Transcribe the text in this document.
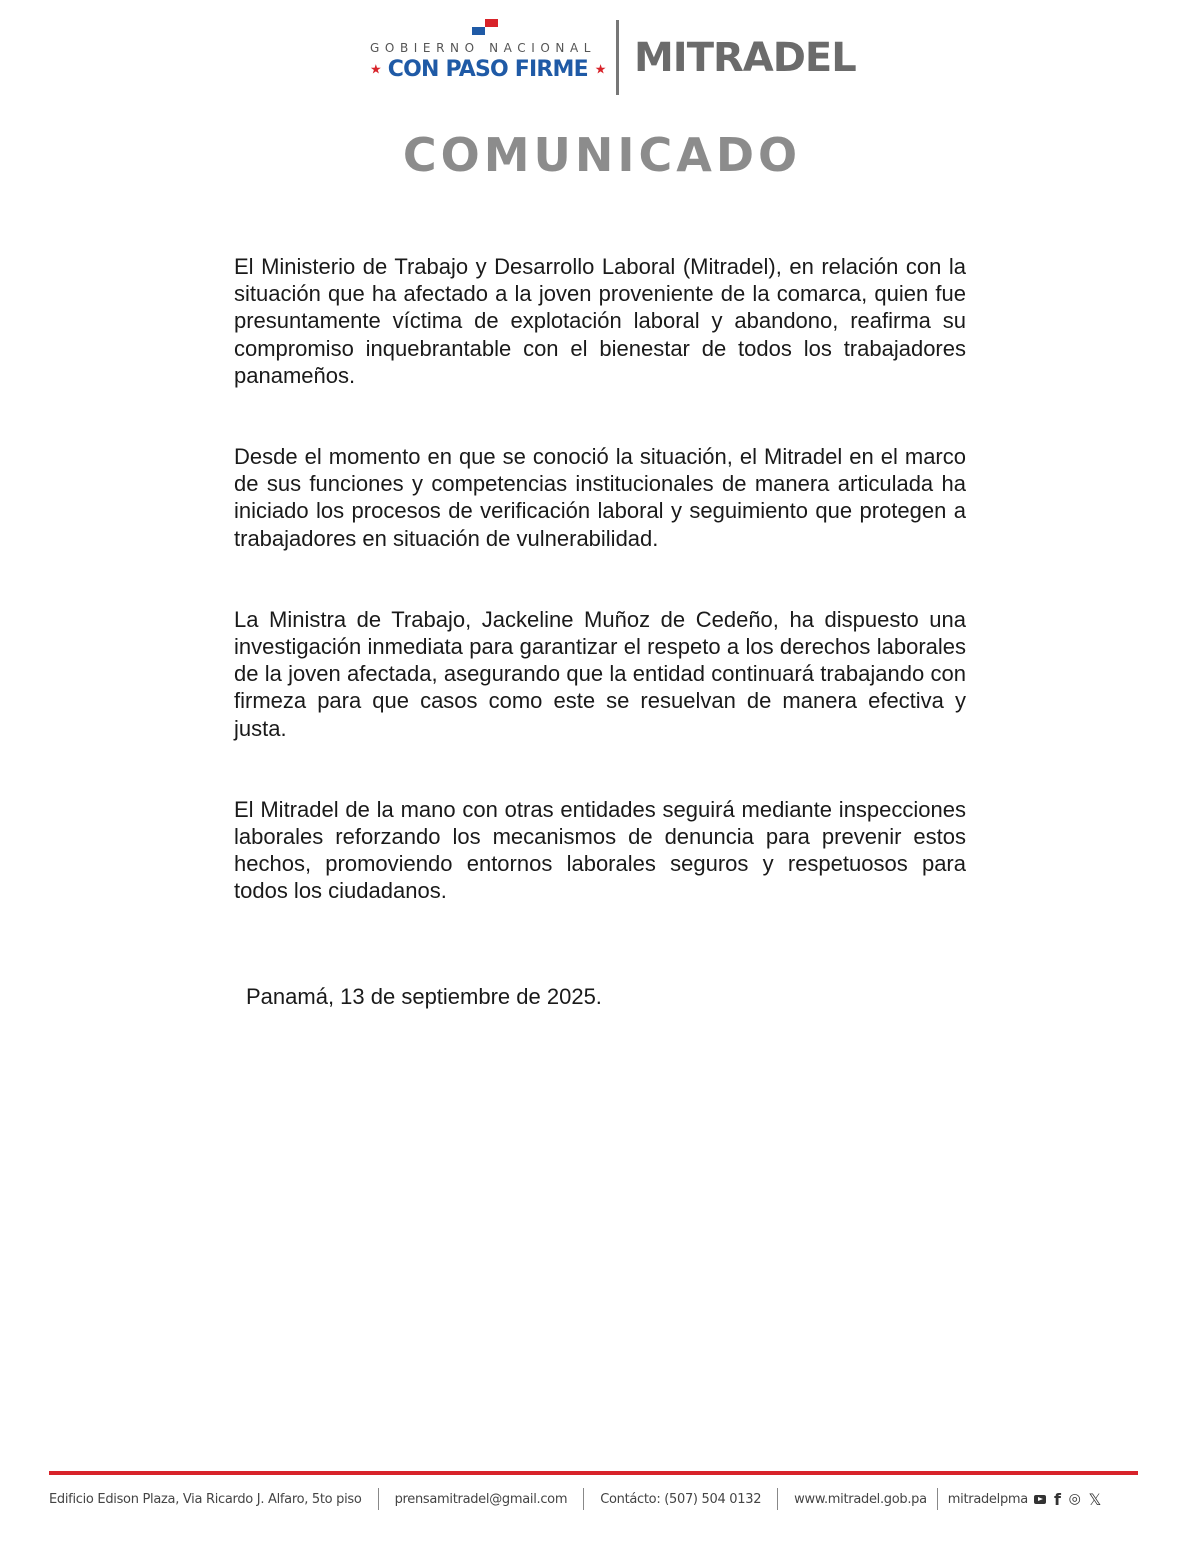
GOBIERNO NACIONAL
★ CON PASO FIRME ★ MITRADEL
COMUNICADO

El Ministerio de Trabajo y Desarrollo Laboral (Mitradel), en relación con la situación que ha afectado a la joven proveniente de la comarca, quien fue presuntamente víctima de explotación laboral y abandono, reafirma su compromiso inquebrantable con el bienestar de todos los trabajadores panameños.

Desde el momento en que se conoció la situación, el Mitradel en el marco de sus funciones y competencias institucionales de manera articulada ha iniciado los procesos de verificación laboral y seguimiento que protegen a trabajadores en situación de vulnerabilidad.

La Ministra de Trabajo, Jackeline Muñoz de Cedeño, ha dispuesto una investigación inmediata para garantizar el respeto a los derechos laborales de la joven afectada, asegurando que la entidad continuará trabajando con firmeza para que casos como este se resuelvan de manera efectiva y justa.

El Mitradel de la mano con otras entidades seguirá mediante inspecciones laborales reforzando los mecanismos de denuncia para prevenir estos hechos, promoviendo entornos laborales seguros y respetuosos para todos los ciudadanos.

Panamá, 13 de septiembre de 2025.
Edificio Edison Plaza, Via Ricardo J. Alfaro, 5to piso	prensamitradel@gmail.com	Contácto: (507) 504 0132	www.mitradel.gob.pa mitradelpma f ◎ 𝕏
